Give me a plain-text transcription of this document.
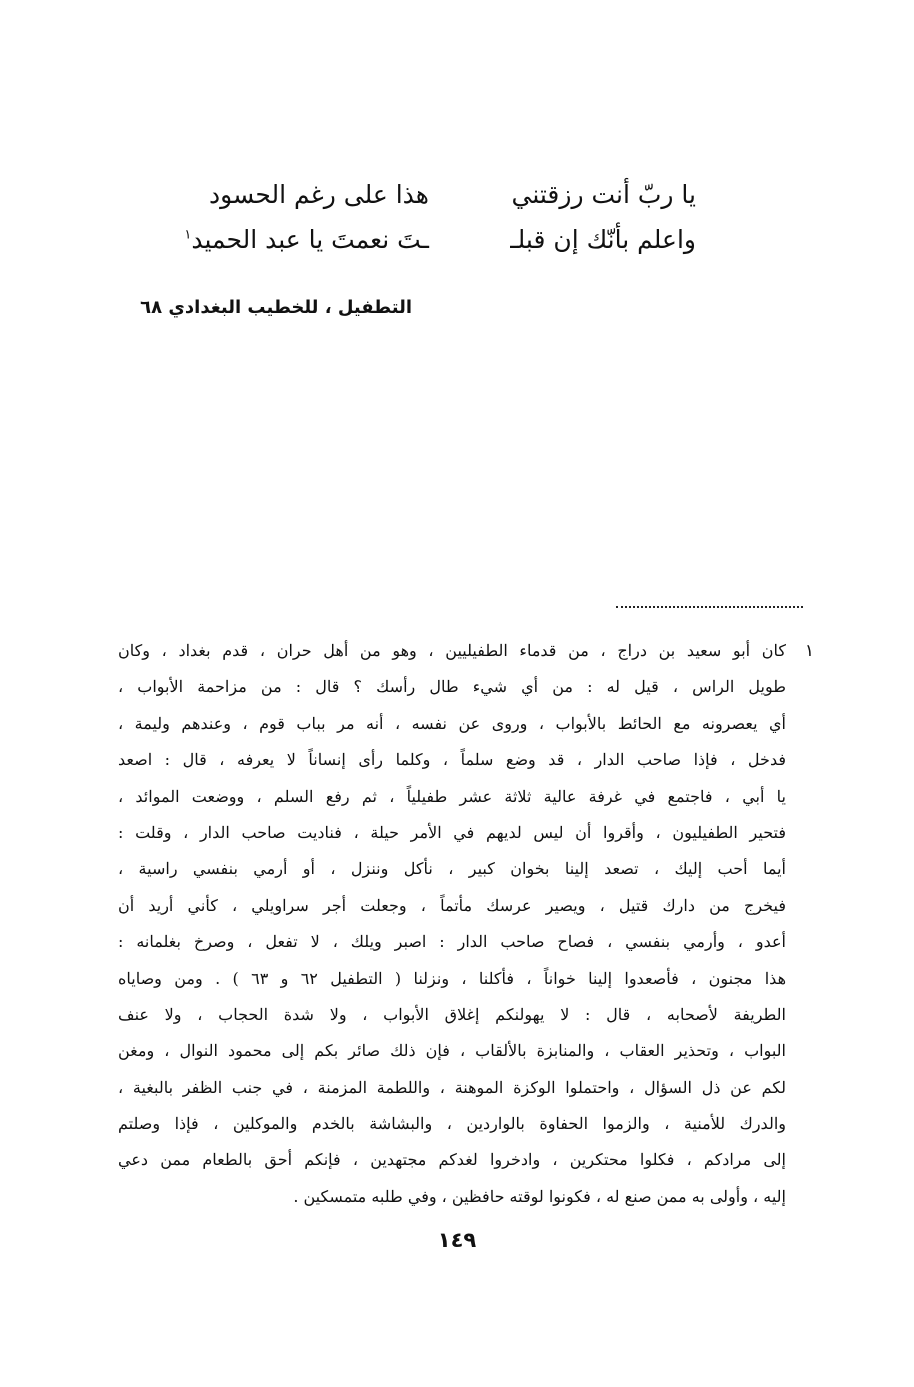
يا ربّ أنت رزقتني
هذا على رغم الحسود
واعلم بأنّك إن قبلـ
ـتَ نعمتَ يا عبد الحميد$^١$
التطفيل ، للخطيب البغدادي ٦٨
١
كان أبو سعيد بن دراج ، من قدماء الطفيليين ، وهو من أهل حران ، قدم بغداد ، وكان
طويل الراس ، قيل له : من أي شيء طال رأسك ؟ قال : من مزاحمة الأبواب ،
أي يعصرونه مع الحائط بالأبواب ، وروى عن نفسه ، أنه مر بباب قوم ، وعندهم وليمة ،
فدخل ، فإذا صاحب الدار ، قد وضع سلماً ، وكلما رأى إنساناً لا يعرفه ، قال : اصعد
يا أبي ، فاجتمع في غرفة عالية ثلاثة عشر طفيلياً ، ثم رفع السلم ، ووضعت الموائد ،
فتحير الطفيليون ، وأقروا أن ليس لديهم في الأمر حيلة ، فناديت صاحب الدار ، وقلت :
أيما أحب إليك ، تصعد إلينا بخوان كبير ، نأكل وننزل ، أو أرمي بنفسي راسية ،
فيخرج من دارك قتيل ، ويصير عرسك مأتماً ، وجعلت أجر سراويلي ، كأني أريد أن
أعدو ، وأرمي بنفسي ، فصاح صاحب الدار : اصبر ويلك ، لا تفعل ، وصرخ بغلمانه :
هذا مجنون ، فأصعدوا إلينا خواناً ، فأكلنا ، ونزلنا ( التطفيل ٦٢ و ٦٣ ) . ومن وصاياه
الطريفة لأصحابه ، قال : لا يهولنكم إغلاق الأبواب ، ولا شدة الحجاب ، ولا عنف
البواب ، وتحذير العقاب ، والمنابزة بالألقاب ، فإن ذلك صائر بكم إلى محمود النوال ، ومغن
لكم عن ذل السؤال ، واحتملوا الوكزة الموهنة ، واللطمة المزمنة ، في جنب الظفر بالبغية ،
والدرك للأمنية ، والزموا الحفاوة بالواردين ، والبشاشة بالخدم والموكلين ، فإذا وصلتم
إلى مرادكم ، فكلوا محتكرين ، وادخروا لغدكم مجتهدين ، فإنكم أحق بالطعام ممن دعي
إليه ، وأولى به ممن صنع له ، فكونوا لوقته حافظين ، وفي طلبه متمسكين .
١٤٩
